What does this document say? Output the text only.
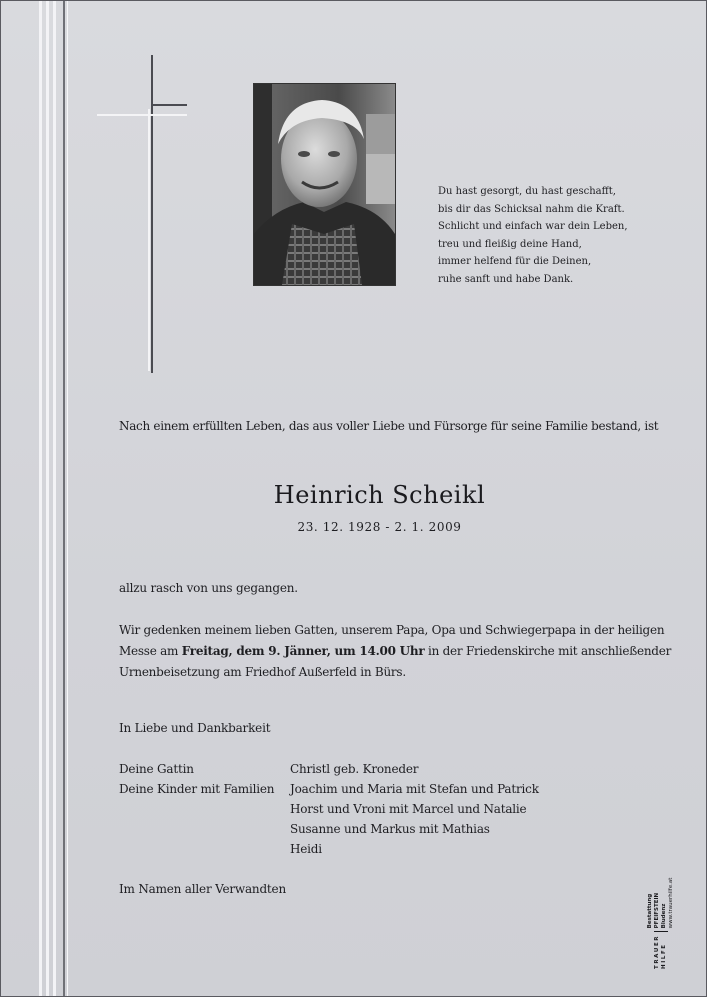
Du hast gesorgt, du hast geschafft,
bis dir das Schicksal nahm die Kraft.
Schlicht und einfach war dein Leben,
treu und fleißig deine Hand,
immer helfend für die Deinen,
ruhe sanft und habe Dank.
Nach einem erfüllten Leben, das aus voller Liebe und Fürsorge für seine Familie bestand, ist
Heinrich Scheikl
23. 12. 1928 - 2. 1. 2009
allzu rasch von uns gegangen.
Wir gedenken meinem lieben Gatten, unserem Papa, Opa und Schwiegerpapa in der heiligen
Messe am Freitag, dem 9. Jänner, um 14.00 Uhr in der Friedenskirche mit anschließender
Urnenbeisetzung am Friedhof Außerfeld in Bürs.
In Liebe und Dankbarkeit
Deine Gattin	Christl geb. Kroneder
Deine Kinder mit Familien Joachim und Maria mit Stefan und Patrick
Horst und Vroni mit Marcel und Natalie
Susanne und Markus mit Mathias
Heidi
Im Namen aller Verwandten
TRAUER HILFE
Bestattung PFEIFSTEIN Bludenz www.trauerhilfe.at
